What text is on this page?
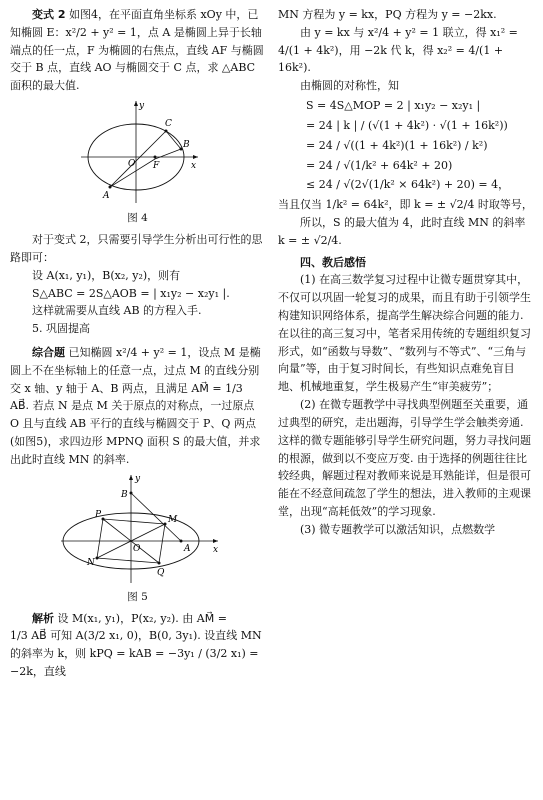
变式 2 如图4，在平面直角坐标系 xOy 中，已知椭圆 E：x²/2 + y² = 1，点 A 是椭圆上异于长轴端点的任一点，F 为椭圆的右焦点，直线 AF 与椭圆交于 B 点，直线 AO 与椭圆交于 C 点，求 △ABC 面积的最大值.

y
x
C
B
O F
A

图 4

对于变式 2，只需要引导学生分析出可行性的思路即可：

设 A(x₁, y₁)，B(x₂, y₂)，则有

S△ABC = 2S△AOB = | x₁y₂ − x₂y₁ |.

这样就需要从直线 AB 的方程入手.

5. 巩固提高

综合题 已知椭圆 x²/4 + y² = 1，设点 M 是椭圆上不在坐标轴上的任意一点，过点 M 的直线分别交 x 轴、y 轴于 A、B 两点，且满足 AM⃗ = 1/3 AB⃗. 若点 N 是点 M 关于原点的对称点，一过原点 O 且与直线 AB 平行的直线与椭圆交于 P、Q 两点(如图5)，求四边形 MPNQ 面积 S 的最大值，并求出此时直线 MN 的斜率.

y
x
B
P	M
N
A
O
Q

图 5

解析 设 M(x₁, y₁)，P(x₂, y₂). 由 AM⃗ =

1/3 AB⃗ 可知 A(3/2 x₁, 0)，B(0, 3y₁). 设直线 MN

的斜率为 k，则 kPQ = kAB = −3y₁ / (3/2 x₁) = −2k，直线

MN 方程为 y = kx，PQ 方程为 y = −2kx.

由 y = kx 与 x²/4 + y² = 1 联立，得 x₁² =

4/(1 + 4k²)，用 −2k 代 k，得 x₂² = 4/(1 + 16k²).

由椭圆的对称性，知

S = 4S△MOP = 2 | x₁y₂ − x₂y₁ |

= 24 | k | / (√(1 + 4k²) · √(1 + 16k²))

= 24 / √((1 + 4k²)(1 + 16k²) / k²)

= 24 / √(1/k² + 64k² + 20)

≤ 24 / √(2√(1/k² × 64k²) + 20) = 4，

当且仅当 1/k² = 64k²，即 k = ± √2/4 时取等号，

所以，S 的最大值为 4，此时直线 MN 的斜率 k = ± √2/4.

四、教后感悟

(1) 在高三数学复习过程中让微专题贯穿其中，不仅可以巩固一轮复习的成果，而且有助于引领学生构建知识网络体系，提高学生解决综合问题的能力. 在以往的高三复习中，笔者采用传统的专题组织复习形式，如“函数与导数”、“数列与不等式”、“三角与向量”等，由于复习时间长，有些知识点难免盲目地、机械地重复，学生极易产生“审美疲劳”；

(2) 在微专题教学中寻找典型例题至关重要，通过典型的研究，走出题海，引导学生学会触类旁通. 这样的微专题能够引导学生研究问题，努力寻找问题的根源，做到以不变应万变. 由于选择的例题往往比较经典，解题过程对教师来说是耳熟能详，但是很可能在不经意间疏忽了学生的想法，进入教师的主观课堂，出现“高耗低效”的学习现象.

(3) 微专题教学可以激活知识，点燃数学
